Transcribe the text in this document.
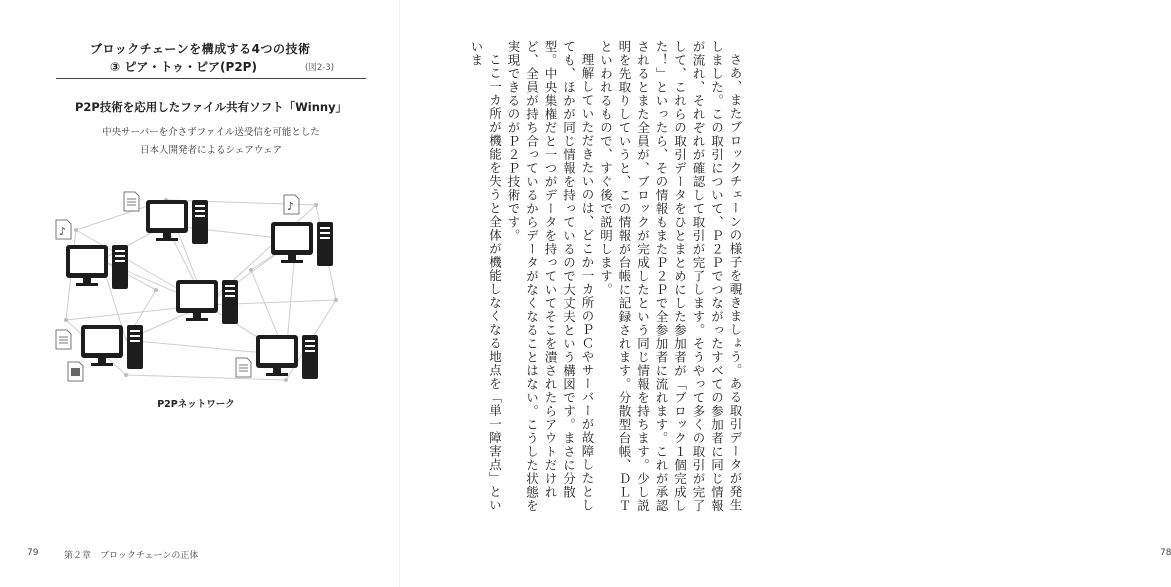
ブロックチェーンを構成する4つの技術
③ ピア・トゥ・ピア(P2P)	(図2-3)
P2P技術を応用したファイル共有ソフト「Winny」
中央サーバーを介さずファイル送受信を可能とした
日本人開発者によるシェアウェア
♪
P2Pネットワーク
79	第２章　ブロックチェーンの正体

さあ、またブロックチェーンの様子を覗きましょう。ある取引データが発生しました。この取引について、Ｐ２Ｐでつながったすべての参加者に同じ情報が流れ、それぞれが確認して取引が完了します。そうやって多くの取引が完了して、これらの取引データをひとまとめにした参加者が「ブロック１個完成した！」といったら、その情報もまたＰ２Ｐで全参加者に流れます。これが承認されるとまた全員が、ブロックが完成したという同じ情報を持ちます。少し説明を先取りしていうと、この情報が台帳に記録されます。分散型台帳、ＤＬＴといわれるもので、すぐ後で説明します。

理解していただきたいのは、どこか一カ所のＰＣやサーバーが故障したとしても、ほかが同じ情報を持っているので大丈夫という構図です。まさに分散型。中央集権だと一つがデータを持っていてそこを潰されたらアウトだけれど、全員が持ち合っているからデータがなくなることはない。こうした状態を実現できるのがＰ２Ｐ技術です。

ここ一カ所が機能を失うと全体が機能しなくなる地点を「単一障害点」といいま

78
